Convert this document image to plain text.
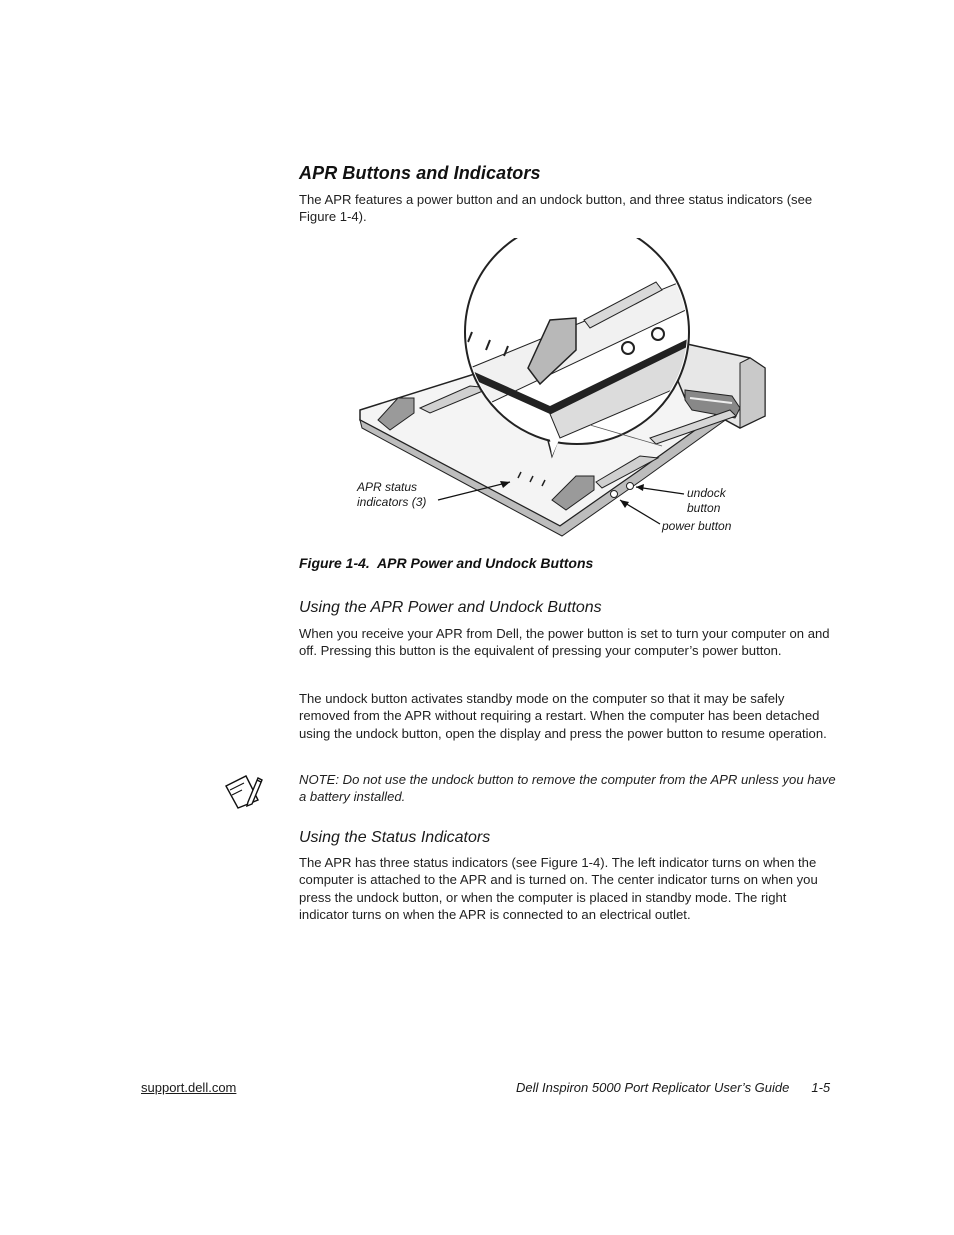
APR Buttons and Indicators
The APR features a power button and an undock button, and three status indicators (see Figure 1-4).
APR status
indicators (3)
undock
button
power button
Figure 1-4.  APR Power and Undock Buttons
Using the APR Power and Undock Buttons
When you receive your APR from Dell, the power button is set to turn your computer on and off. Pressing this button is the equivalent of pressing your computer’s power button.
The undock button activates standby mode on the computer so that it may be safely removed from the APR without requiring a restart. When the computer has been detached using the undock button, open the display and press the power button to resume operation.
NOTE: Do not use the undock button to remove the computer from the APR unless you have a battery installed.
Using the Status Indicators
The APR has three status indicators (see Figure 1-4). The left indicator turns on when the computer is attached to the APR and is turned on. The center indicator turns on when you press the undock button, or when the computer is placed in standby mode. The right indicator turns on when the APR is connected to an electrical outlet.
support.dell.com	Dell Inspiron 5000 Port Replicator User’s Guide 1-5
